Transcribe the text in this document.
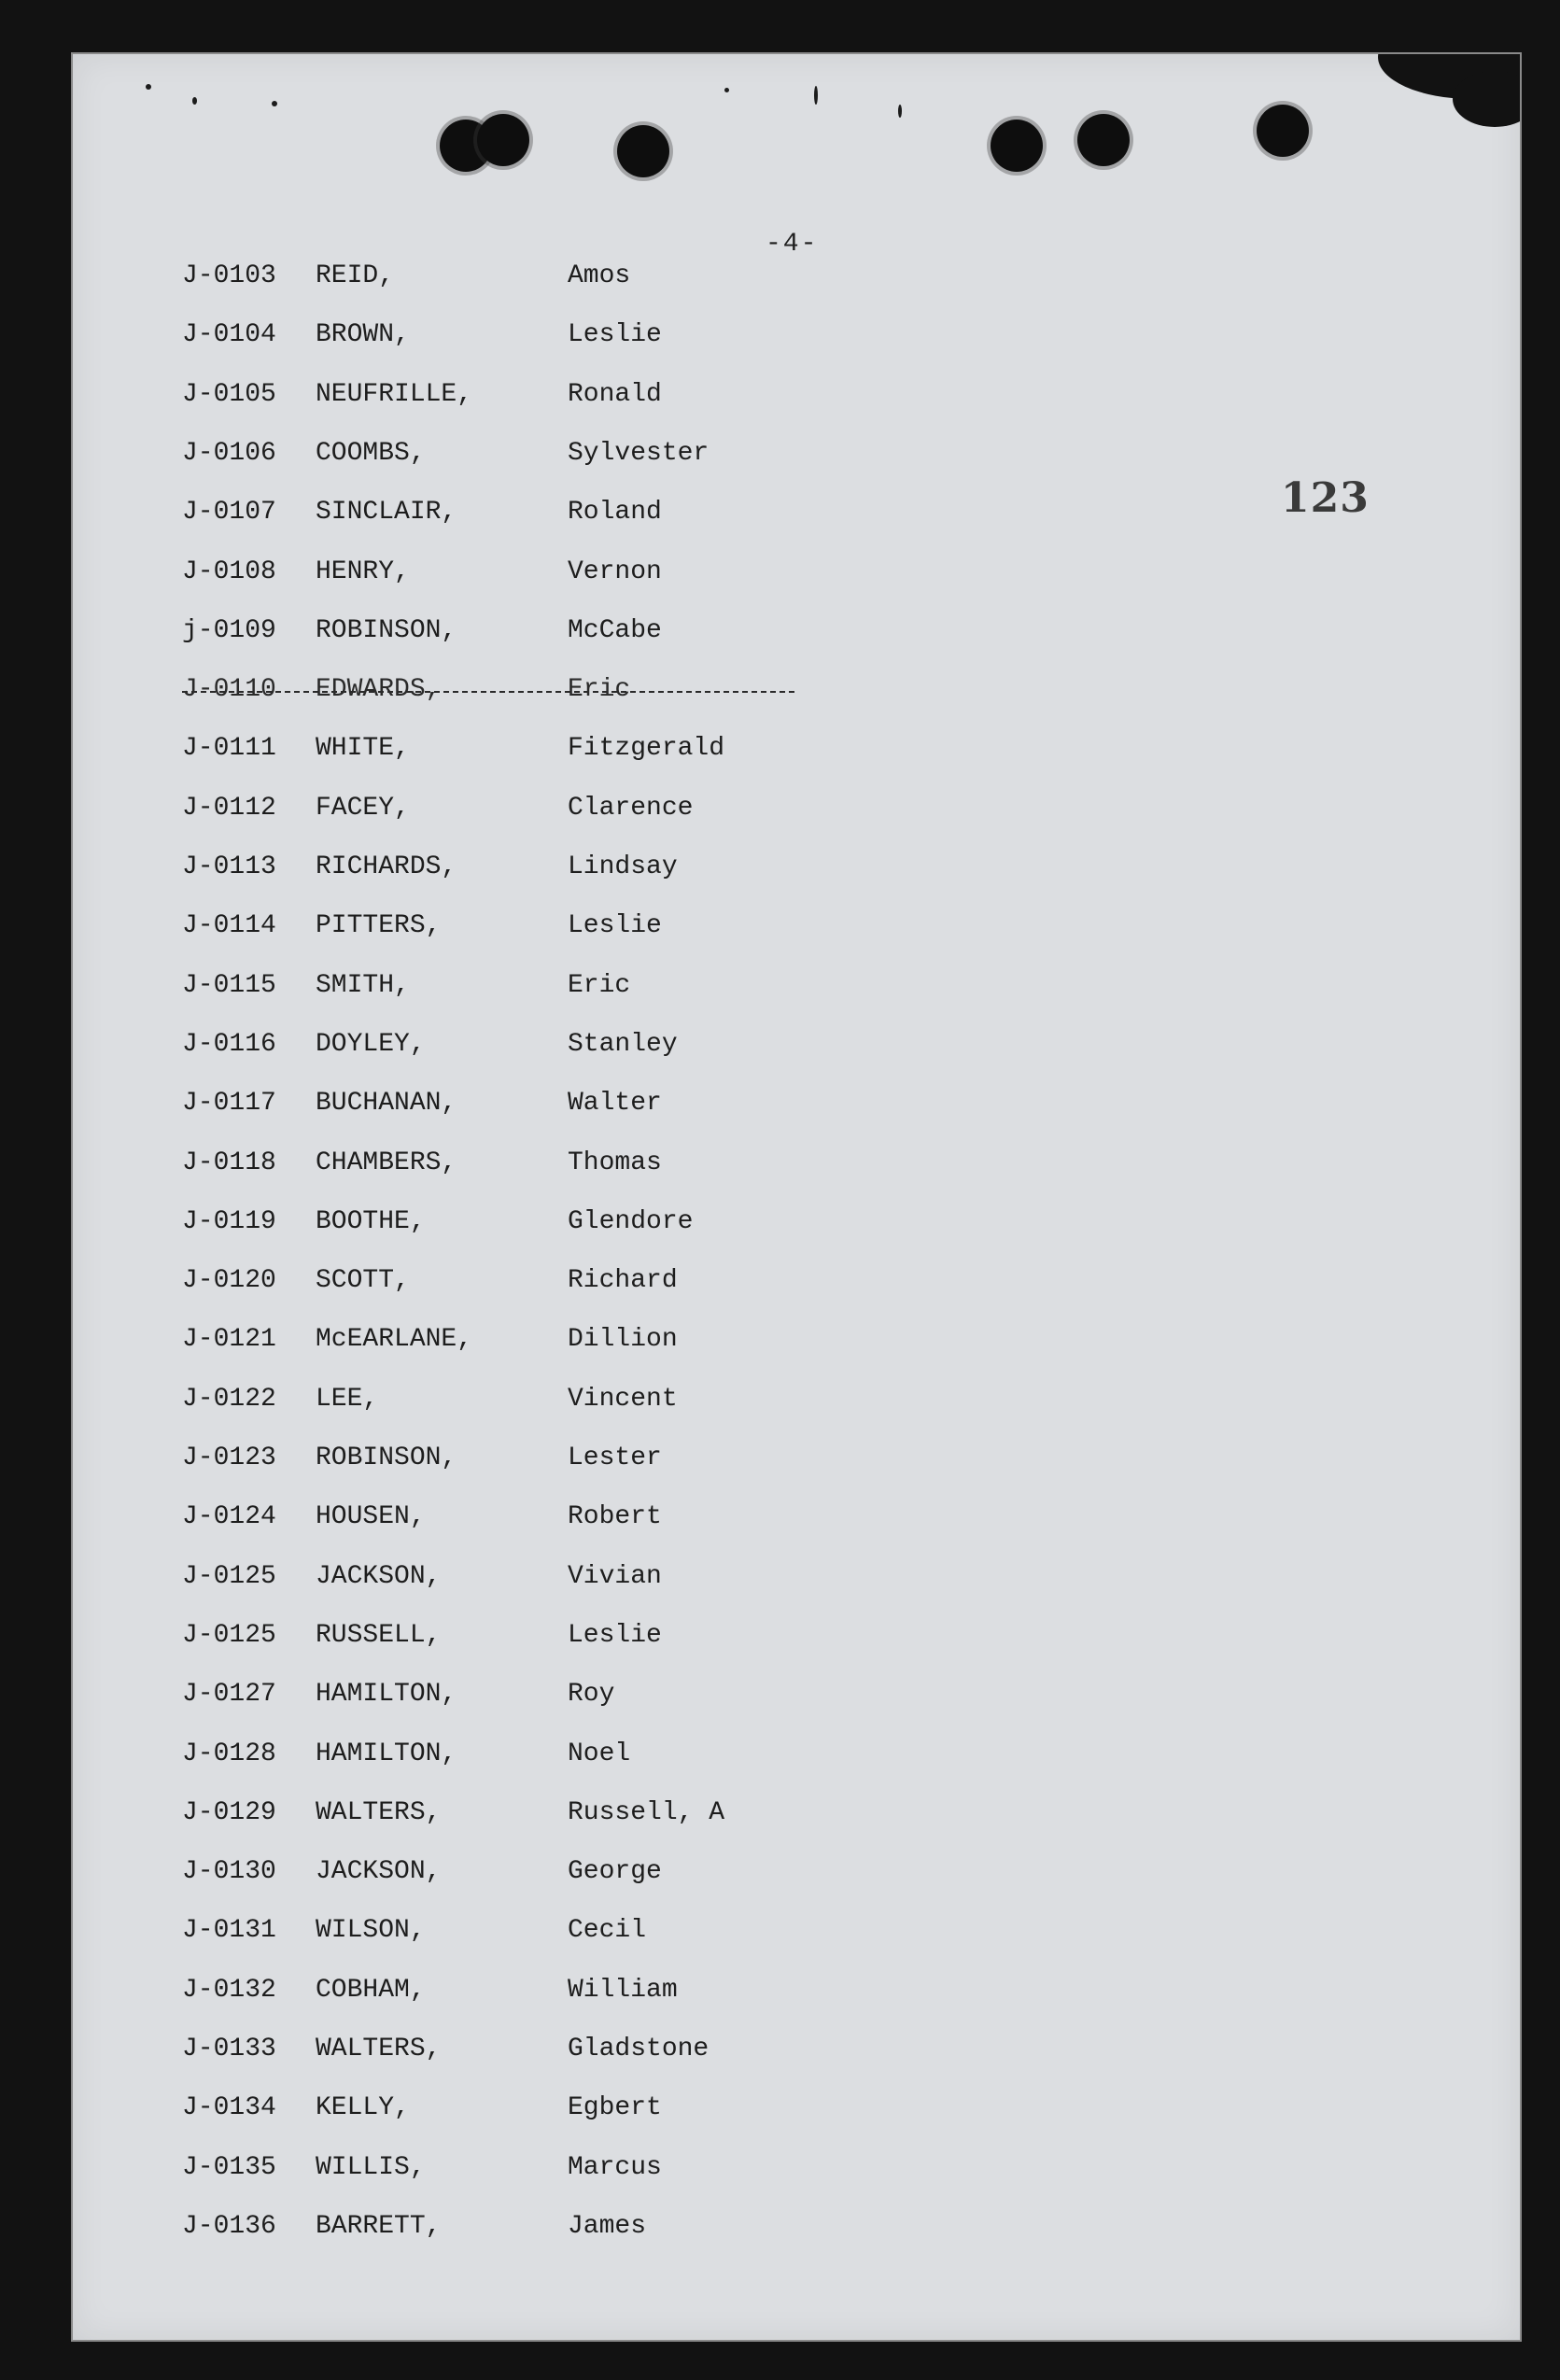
-4-
123
J-0103 REID,	Amos
J-0104 BROWN,	Leslie
J-0105 NEUFRILLE,	Ronald
J-0106 COOMBS,	Sylvester
J-0107 SINCLAIR,	Roland
J-0108 HENRY,	Vernon
j-0109 ROBINSON,	McCabe
J-0110 EDWARDS,	Eric
J-0111 WHITE,	Fitzgerald
J-0112 FACEY,	Clarence
J-0113 RICHARDS,	Lindsay
J-0114 PITTERS,	Leslie
J-0115 SMITH,	Eric
J-0116 DOYLEY,	Stanley
J-0117 BUCHANAN,	Walter
J-0118 CHAMBERS,	Thomas
J-0119 BOOTHE,	Glendore
J-0120 SCOTT,	Richard
J-0121 McEARLANE,	Dillion
J-0122 LEE,	Vincent
J-0123 ROBINSON,	Lester
J-0124 HOUSEN,	Robert
J-0125 JACKSON,	Vivian
J-0125 RUSSELL,	Leslie
J-0127 HAMILTON,	Roy
J-0128 HAMILTON,	Noel
J-0129 WALTERS,	Russell, A
J-0130 JACKSON,	George
J-0131 WILSON,	Cecil
J-0132 COBHAM,	William
J-0133 WALTERS,	Gladstone
J-0134 KELLY,	Egbert
J-0135 WILLIS,	Marcus
J-0136 BARRETT,	James
